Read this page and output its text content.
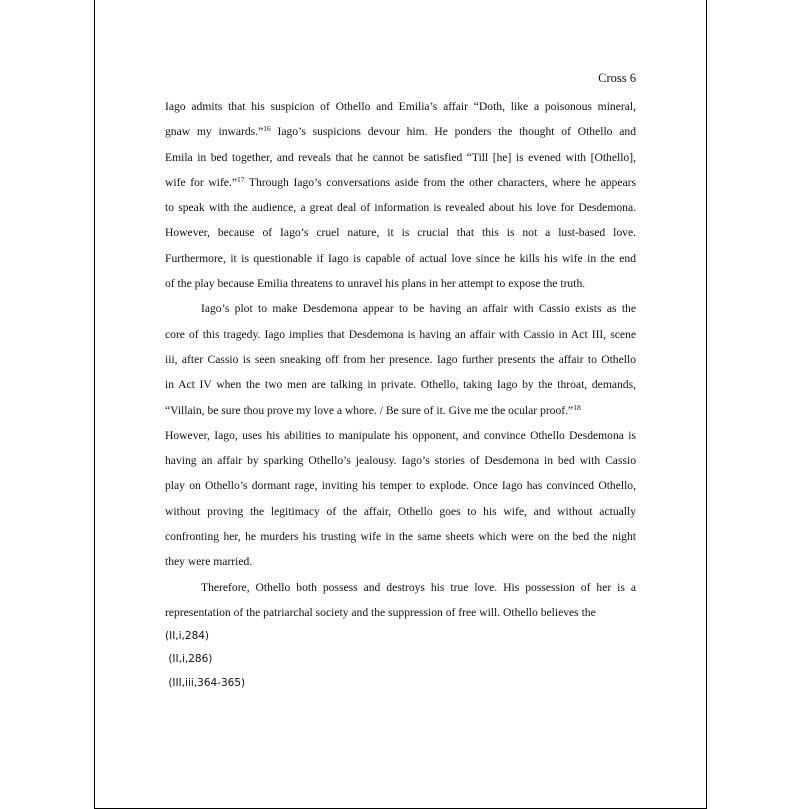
Cross 6
Iago admits that his suspicion of Othello and Emilia’s affair “Doth, like a poisonous mineral,
gnaw my inwards.”$^{16}$ Iago’s suspicions devour him. He ponders the thought of Othello and
Emila in bed together, and reveals that he cannot be satisfied “Till [he] is evened with [Othello],
wife for wife.”$^{17}$ Through Iago’s conversations aside from the other characters, where he appears
to speak with the audience, a great deal of information is revealed about his love for Desdemona.
However, because of Iago’s cruel nature, it is crucial that this is not a lust-based love.
Furthermore, it is questionable if Iago is capable of actual love since he kills his wife in the end
of the play because Emilia threatens to unravel his plans in her attempt to expose the truth.
Iago’s plot to make Desdemona appear to be having an affair with Cassio exists as the
core of this tragedy. Iago implies that Desdemona is having an affair with Cassio in Act III, scene
iii, after Cassio is seen sneaking off from her presence. Iago further presents the affair to Othello
in Act IV when the two men are talking in private. Othello, taking Iago by the throat, demands,
“Villain, be sure thou prove my love a whore. / Be sure of it. Give me the ocular proof.”$^{18}$
However, Iago, uses his abilities to manipulate his opponent, and convince Othello Desdemona is
having an affair by sparking Othello’s jealousy. Iago’s stories of Desdemona in bed with Cassio
play on Othello’s dormant rage, inviting his temper to explode. Once Iago has convinced Othello,
without proving the legitimacy of the affair, Othello goes to his wife, and without actually
confronting her, he murders his trusting wife in the same sheets which were on the bed the night
they were married.
Therefore, Othello both possess and destroys his true love. His possession of her is a
representation of the patriarchal society and the suppression of free will. Othello believes the
(II,i,284)
(II,i,286)
(III,iii,364-365)
